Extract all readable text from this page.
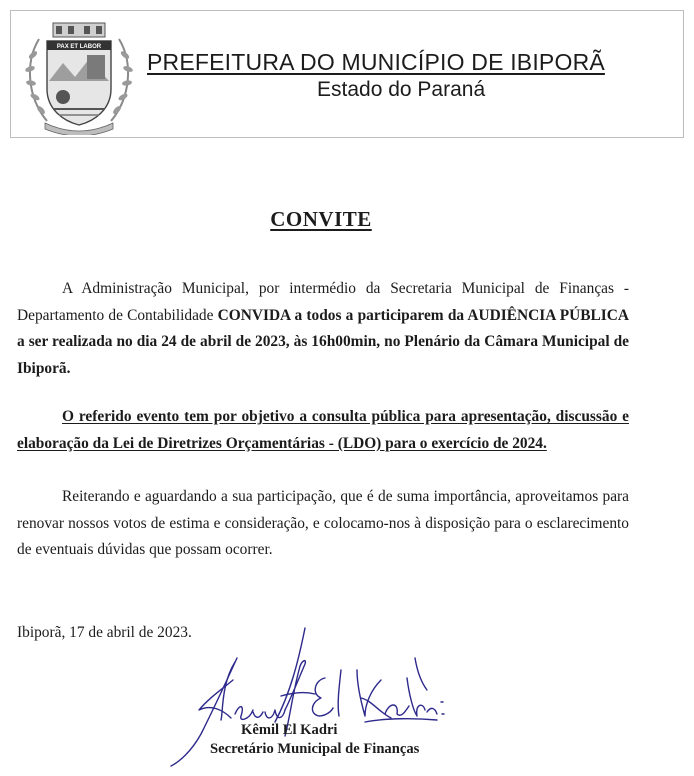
PAX ET LABOR
PREFEITURA DO MUNICÍPIO DE IBIPORÃ
Estado do Paraná
CONVITE

A Administração Municipal, por intermédio da Secretaria Municipal de Finanças - Departamento de Contabilidade CONVIDA a todos a participarem da AUDIÊNCIA PÚBLICA a ser realizada no dia 24 de abril de 2023, às 16h00min, no Plenário da Câmara Municipal de Ibiporã.

O referido evento tem por objetivo a consulta pública para apresentação, discussão e elaboração da Lei de Diretrizes Orçamentárias - (LDO) para o exercício de 2024.

Reiterando e aguardando a sua participação, que é de suma importância, aproveitamos para renovar nossos votos de estima e consideração, e colocamo-nos à disposição para o esclarecimento de eventuais dúvidas que possam ocorrer.

Ibiporã, 17 de abril de 2023.

Kêmil El Kadri

Secretário Municipal de Finanças
